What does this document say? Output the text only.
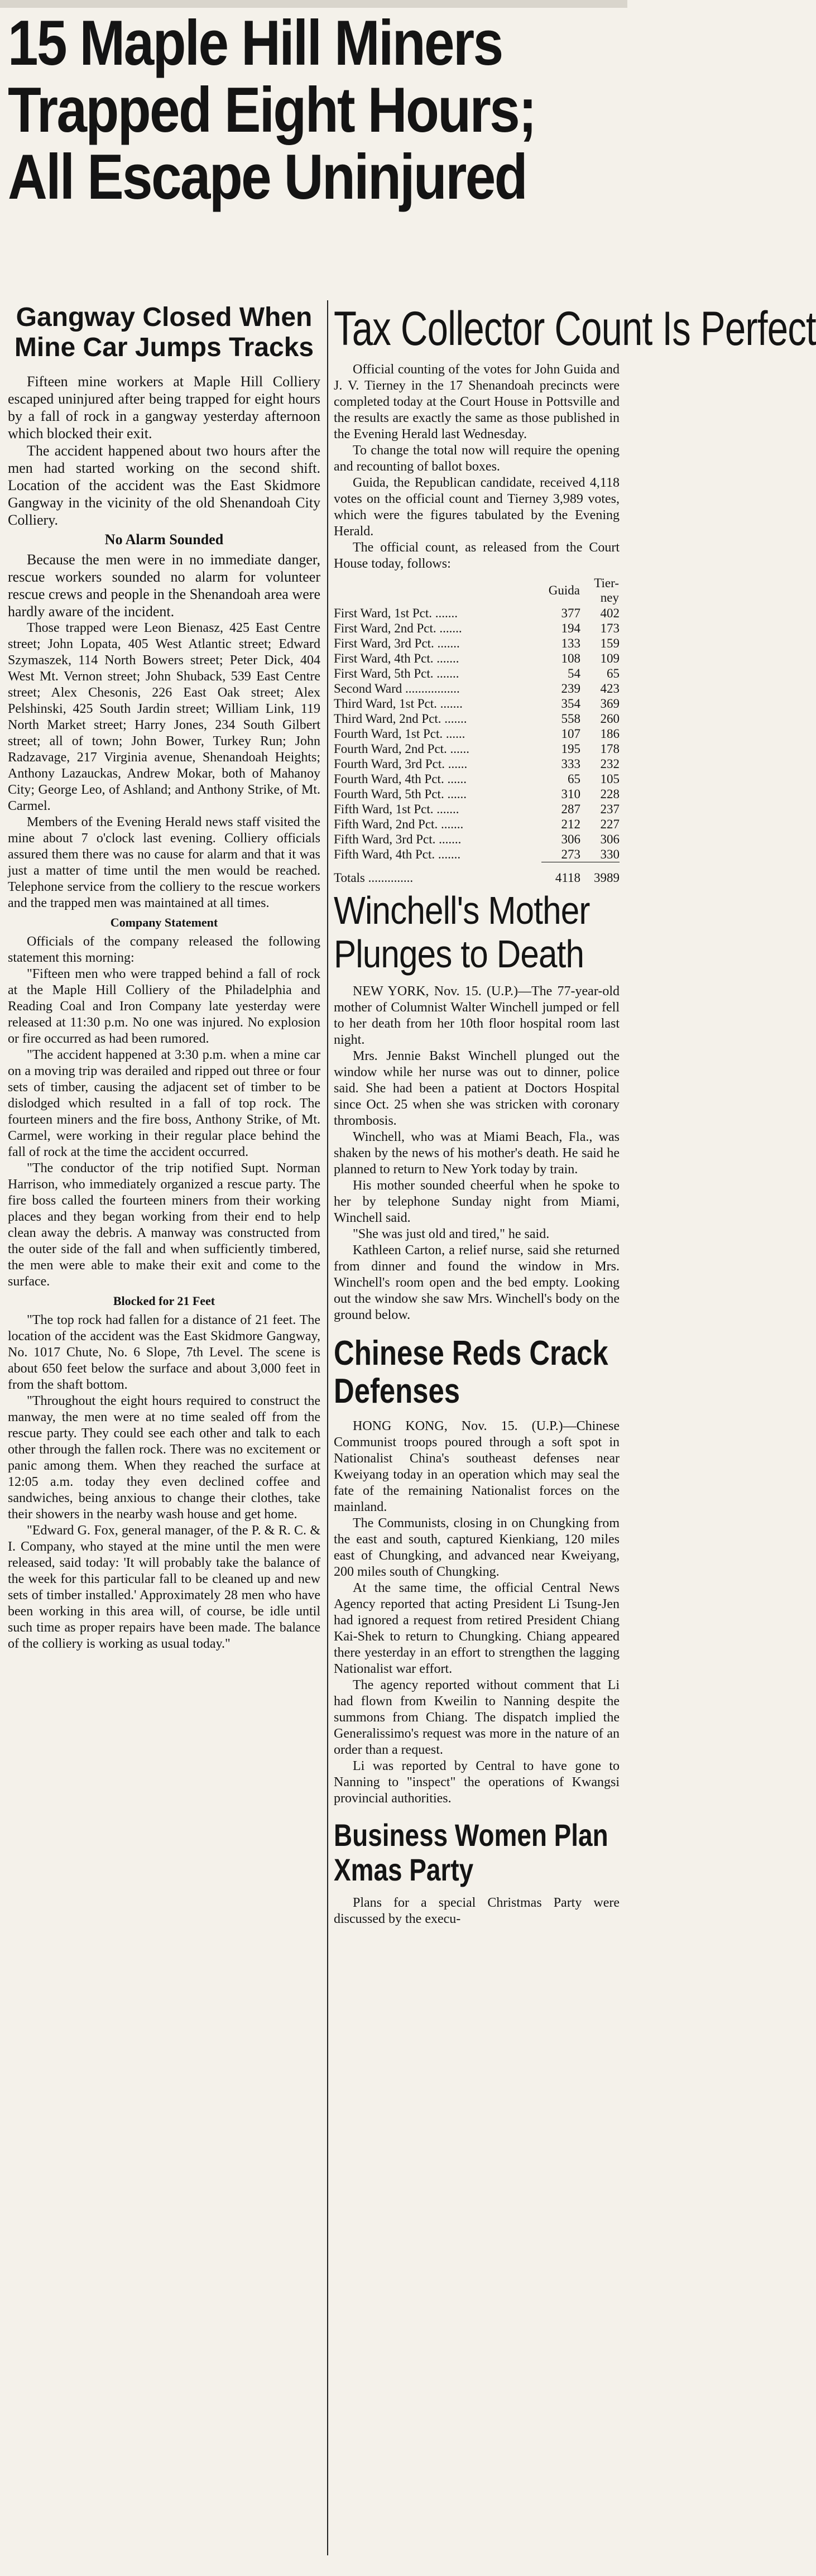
15 Maple Hill Miners
Trapped Eight Hours;
All Escape Uninjured
Gangway Closed When Mine Car Jumps Tracks

Fifteen mine workers at Maple Hill Colliery escaped uninjured after being trapped for eight hours by a fall of rock in a gangway yesterday afternoon which blocked their exit.

The accident happened about two hours after the men had started working on the second shift. Location of the accident was the East Skidmore Gangway in the vicinity of the old Shenandoah City Colliery.

No Alarm Sounded

Because the men were in no immediate danger, rescue workers sounded no alarm for volunteer rescue crews and people in the Shenandoah area were hardly aware of the incident.

Those trapped were Leon Bienasz, 425 East Centre street; John Lopata, 405 West Atlantic street; Edward Szymaszek, 114 North Bowers street; Peter Dick, 404 West Mt. Vernon street; John Shuback, 539 East Centre street; Alex Chesonis, 226 East Oak street; Alex Pelshinski, 425 South Jardin street; William Link, 119 North Market street; Harry Jones, 234 South Gilbert street; all of town; John Bower, Turkey Run; John Radzavage, 217 Virginia avenue, Shenandoah Heights; Anthony Lazauckas, Andrew Mokar, both of Mahanoy City; George Leo, of Ashland; and Anthony Strike, of Mt. Carmel.

Members of the Evening Herald news staff visited the mine about 7 o'clock last evening. Colliery officials assured them there was no cause for alarm and that it was just a matter of time until the men would be reached. Telephone service from the colliery to the rescue workers and the trapped men was maintained at all times.

Company Statement

Officials of the company released the following statement this morning:

"Fifteen men who were trapped behind a fall of rock at the Maple Hill Colliery of the Philadelphia and Reading Coal and Iron Company late yesterday were released at 11:30 p.m. No one was injured. No explosion or fire occurred as had been rumored.

"The accident happened at 3:30 p.m. when a mine car on a moving trip was derailed and ripped out three or four sets of timber, causing the adjacent set of timber to be dislodged which resulted in a fall of top rock. The fourteen miners and the fire boss, Anthony Strike, of Mt. Carmel, were working in their regular place behind the fall of rock at the time the accident occurred.

"The conductor of the trip notified Supt. Norman Harrison, who immediately organized a rescue party. The fire boss called the fourteen miners from their working places and they began working from their end to help clean away the debris. A manway was constructed from the outer side of the fall and when sufficiently timbered, the men were able to make their exit and come to the surface.

Blocked for 21 Feet

"The top rock had fallen for a distance of 21 feet. The location of the accident was the East Skidmore Gangway, No. 1017 Chute, No. 6 Slope, 7th Level. The scene is about 650 feet below the surface and about 3,000 feet in from the shaft bottom.

"Throughout the eight hours required to construct the manway, the men were at no time sealed off from the rescue party. They could see each other and talk to each other through the fallen rock. There was no excitement or panic among them. When they reached the surface at 12:05 a.m. today they even declined coffee and sandwiches, being anxious to change their clothes, take their showers in the nearby wash house and get home.

"Edward G. Fox, general manager, of the P. & R. C. & I. Company, who stayed at the mine until the men were released, said today: 'It will probably take the balance of the week for this particular fall to be cleaned up and new sets of timber installed.' Approximately 28 men who have been working in this area will, of course, be idle until such time as proper repairs have been made. The balance of the colliery is working as usual today."

Tax Collector Count Is Perfect

Official counting of the votes for John Guida and J. V. Tierney in the 17 Shenandoah precincts were completed today at the Court House in Pottsville and the results are exactly the same as those published in the Evening Herald last Wednesday.

To change the total now will require the opening and recounting of ballot boxes.

Guida, the Republican candidate, received 4,118 votes on the official count and Tierney 3,989 votes, which were the figures tabulated by the Evening Herald.

The official count, as released from the Court House today, follows:

	Guida	Tier-
ney
First Ward, 1st Pct. .......	377	402
First Ward, 2nd Pct. .......	194	173
First Ward, 3rd Pct. .......	133	159
First Ward, 4th Pct. .......	108	109
First Ward, 5th Pct. .......	54	65
Second Ward .................	239	423
Third Ward, 1st Pct. .......	354	369
Third Ward, 2nd Pct. .......	558	260
Fourth Ward, 1st Pct. ......	107	186
Fourth Ward, 2nd Pct. ......	195	178
Fourth Ward, 3rd Pct. ......	333	232
Fourth Ward, 4th Pct. ......	65	105
Fourth Ward, 5th Pct. ......	310	228
Fifth Ward, 1st Pct. .......	287	237
Fifth Ward, 2nd Pct. .......	212	227
Fifth Ward, 3rd Pct. .......	306	306
Fifth Ward, 4th Pct. .......	273	330
Totals ..............	4118	3989
Winchell's Mother Plunges to Death

NEW YORK, Nov. 15. (U.P.)—The 77-year-old mother of Columnist Walter Winchell jumped or fell to her death from her 10th floor hospital room last night.

Mrs. Jennie Bakst Winchell plunged out the window while her nurse was out to dinner, police said. She had been a patient at Doctors Hospital since Oct. 25 when she was stricken with coronary thrombosis.

Winchell, who was at Miami Beach, Fla., was shaken by the news of his mother's death. He said he planned to return to New York today by train.

His mother sounded cheerful when he spoke to her by telephone Sunday night from Miami, Winchell said.

"She was just old and tired," he said.

Kathleen Carton, a relief nurse, said she returned from dinner and found the window in Mrs. Winchell's room open and the bed empty. Looking out the window she saw Mrs. Winchell's body on the ground below.

Chinese Reds Crack Defenses

HONG KONG, Nov. 15. (U.P.)—Chinese Communist troops poured through a soft spot in Nationalist China's southeast defenses near Kweiyang today in an operation which may seal the fate of the remaining Nationalist forces on the mainland.

The Communists, closing in on Chungking from the east and south, captured Kienkiang, 120 miles east of Chungking, and advanced near Kweiyang, 200 miles south of Chungking.

At the same time, the official Central News Agency reported that acting President Li Tsung-Jen had ignored a request from retired President Chiang Kai-Shek to return to Chungking. Chiang appeared there yesterday in an effort to strengthen the lagging Nationalist war effort.

The agency reported without comment that Li had flown from Kweilin to Nanning despite the summons from Chiang. The dispatch implied the Generalissimo's request was more in the nature of an order than a request.

Li was reported by Central to have gone to Nanning to "inspect" the operations of Kwangsi provincial authorities.

Business Women Plan Xmas Party

Plans for a special Christmas Party were discussed by the execu-
